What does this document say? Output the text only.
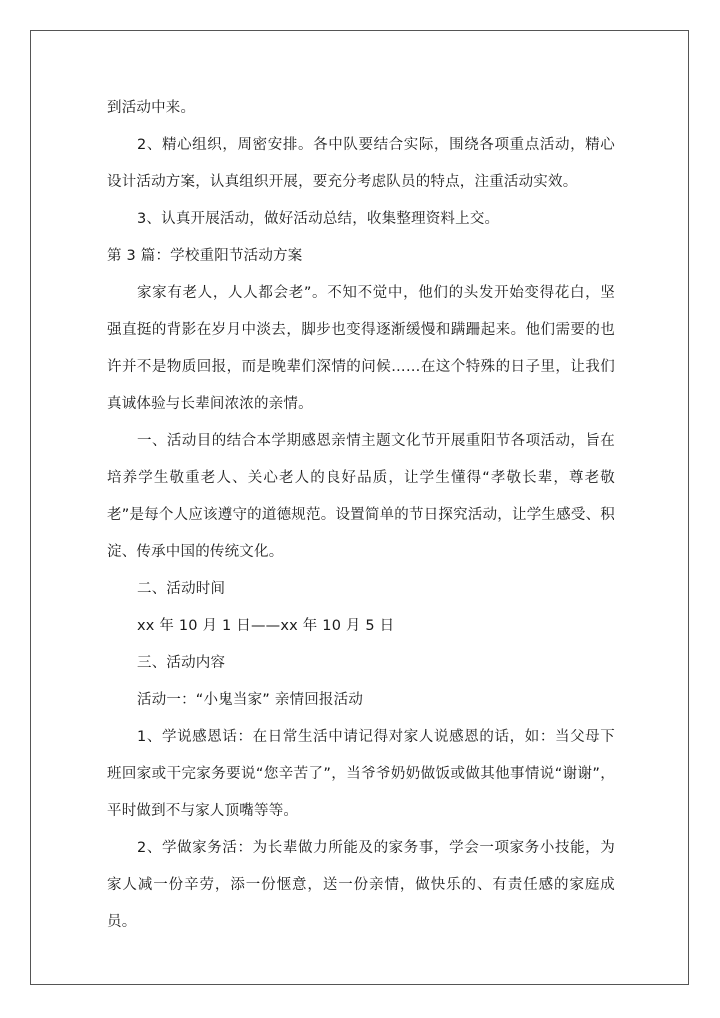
到活动中来。

2、精心组织，周密安排。各中队要结合实际，围绕各项重点活动，精心设计活动方案，认真组织开展，要充分考虑队员的特点，注重活动实效。

3、认真开展活动，做好活动总结，收集整理资料上交。

第 3 篇：学校重阳节活动方案

家家有老人，人人都会老”。不知不觉中，他们的头发开始变得花白，坚强直挺的背影在岁月中淡去，脚步也变得逐渐缓慢和蹒跚起来。他们需要的也许并不是物质回报，而是晚辈们深情的问候……在这个特殊的日子里，让我们真诚体验与长辈间浓浓的亲情。

一、活动目的结合本学期感恩亲情主题文化节开展重阳节各项活动，旨在培养学生敬重老人、关心老人的良好品质，让学生懂得“孝敬长辈，尊老敬老”是每个人应该遵守的道德规范。设置简单的节日探究活动，让学生感受、积淀、传承中国的传统文化。

二、活动时间

xx 年 10 月 1 日——xx 年 10 月 5 日

三、活动内容

活动一：“小鬼当家” 亲情回报活动

1、学说感恩话：在日常生活中请记得对家人说感恩的话，如：当父母下班回家或干完家务要说“您辛苦了”，当爷爷奶奶做饭或做其他事情说“谢谢”，平时做到不与家人顶嘴等等。

2、学做家务活：为长辈做力所能及的家务事，学会一项家务小技能，为家人减一份辛劳，添一份惬意，送一份亲情，做快乐的、有责任感的家庭成员。
